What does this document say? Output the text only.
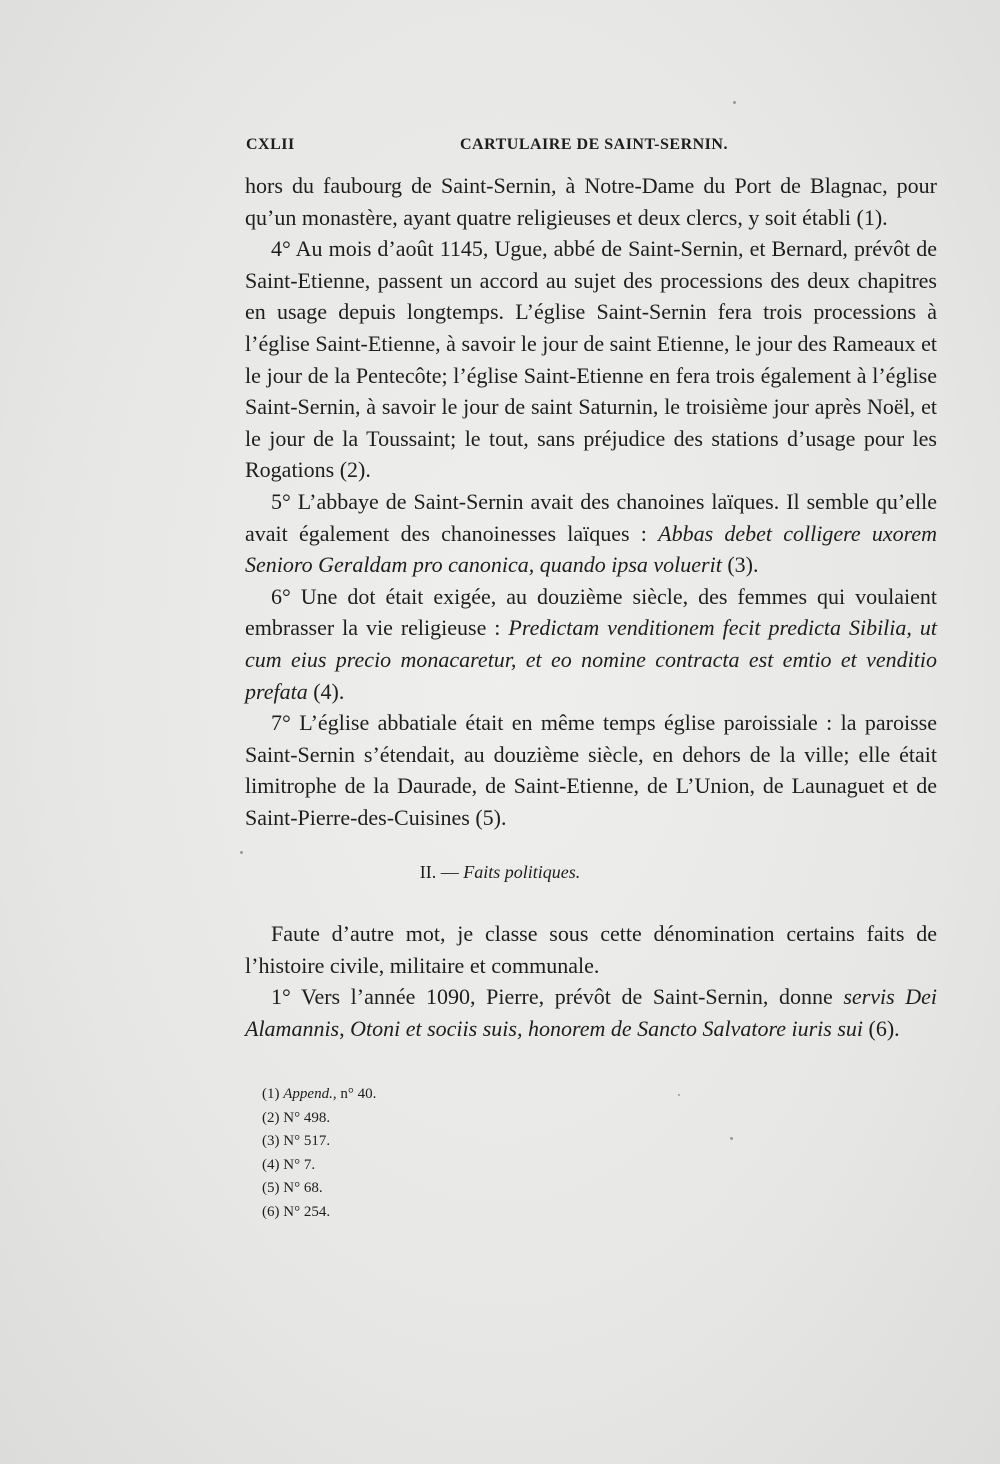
CXLII	CARTULAIRE DE SAINT-SERNIN.

hors du faubourg de Saint-Sernin, à Notre-Dame du Port de Blagnac, pour qu’un monastère, ayant quatre religieuses et deux clercs, y soit établi (1).

4° Au mois d’août 1145, Ugue, abbé de Saint-Sernin, et Bernard, prévôt de Saint-Etienne, passent un accord au sujet des processions des deux chapitres en usage depuis longtemps. L’église Saint-Sernin fera trois processions à l’église Saint-Etienne, à savoir le jour de saint Etienne, le jour des Rameaux et le jour de la Pentecôte; l’église Saint-Etienne en fera trois également à l’église Saint-Sernin, à savoir le jour de saint Saturnin, le troisième jour après Noël, et le jour de la Toussaint; le tout, sans préjudice des stations d’usage pour les Rogations (2).

5° L’abbaye de Saint-Sernin avait des chanoines laïques. Il semble qu’elle avait également des chanoinesses laïques : Abbas debet colligere uxorem Senioro Geraldam pro canonica, quando ipsa voluerit (3).

6° Une dot était exigée, au douzième siècle, des femmes qui voulaient embrasser la vie religieuse : Predictam venditionem fecit predicta Sibilia, ut cum eius precio monacaretur, et eo nomine contracta est emtio et venditio prefata (4).

7° L’église abbatiale était en même temps église paroissiale : la paroisse Saint-Sernin s’étendait, au douzième siècle, en dehors de la ville; elle était limitrophe de la Daurade, de Saint-Etienne, de L’Union, de Launaguet et de Saint-Pierre-des-Cuisines (5).

II. — Faits politiques.

Faute d’autre mot, je classe sous cette dénomination certains faits de l’histoire civile, militaire et communale.

1° Vers l’année 1090, Pierre, prévôt de Saint-Sernin, donne servis Dei Alamannis, Otoni et sociis suis, honorem de Sancto Salvatore iuris sui (6).

(1) Append., n° 40.
(2) N° 498.
(3) N° 517.
(4) N° 7.
(5) N° 68.
(6) N° 254.
